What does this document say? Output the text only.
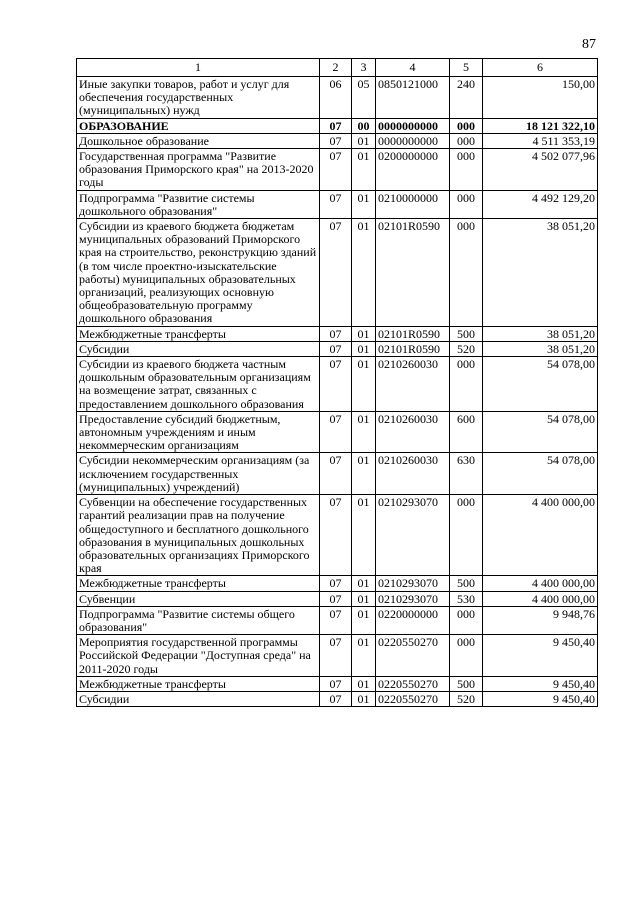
87
1	2	3	4	5	6
Иные закупки товаров, работ и услуг для обеспечения государственных (муниципальных) нужд	06	05	0850121000	240	150,00
ОБРАЗОВАНИЕ	07	00	0000000000	000	18 121 322,10
Дошкольное образование	07	01	0000000000	000	4 511 353,19
Государственная программа "Развитие образования Приморского края" на 2013-2020 годы	07	01	0200000000	000	4 502 077,96
Подпрограмма "Развитие системы дошкольного образования"	07	01	0210000000	000	4 492 129,20
Субсидии из краевого бюджета бюджетам муниципальных образований Приморского края на строительство, реконструкцию зданий (в том числе проектно-изыскательские работы) муниципальных образовательных организаций, реализующих основную общеобразовательную программу дошкольного образования	07	01	02101R0590	000	38 051,20
Межбюджетные трансферты	07	01	02101R0590	500	38 051,20
Субсидии	07	01	02101R0590	520	38 051,20
Субсидии из краевого бюджета частным дошкольным образовательным организациям на возмещение затрат, связанных с предоставлением дошкольного образования	07	01	0210260030	000	54 078,00
Предоставление субсидий бюджетным, автономным учреждениям и иным некоммерческим организациям	07	01	0210260030	600	54 078,00
Субсидии некоммерческим организациям (за исключением государственных (муниципальных) учреждений)	07	01	0210260030	630	54 078,00
Субвенции на обеспечение государственных гарантий реализации прав на получение общедоступного и бесплатного дошкольного образования в муниципальных дошкольных образовательных организациях Приморского края	07	01	0210293070	000	4 400 000,00
Межбюджетные трансферты	07	01	0210293070	500	4 400 000,00
Субвенции	07	01	0210293070	530	4 400 000,00
Подпрограмма "Развитие системы общего образования"	07	01	0220000000	000	9 948,76
Мероприятия государственной программы Российской Федерации "Доступная среда" на 2011-2020 годы	07	01	0220550270	000	9 450,40
Межбюджетные трансферты	07	01	0220550270	500	9 450,40
Субсидии	07	01	0220550270	520	9 450,40
